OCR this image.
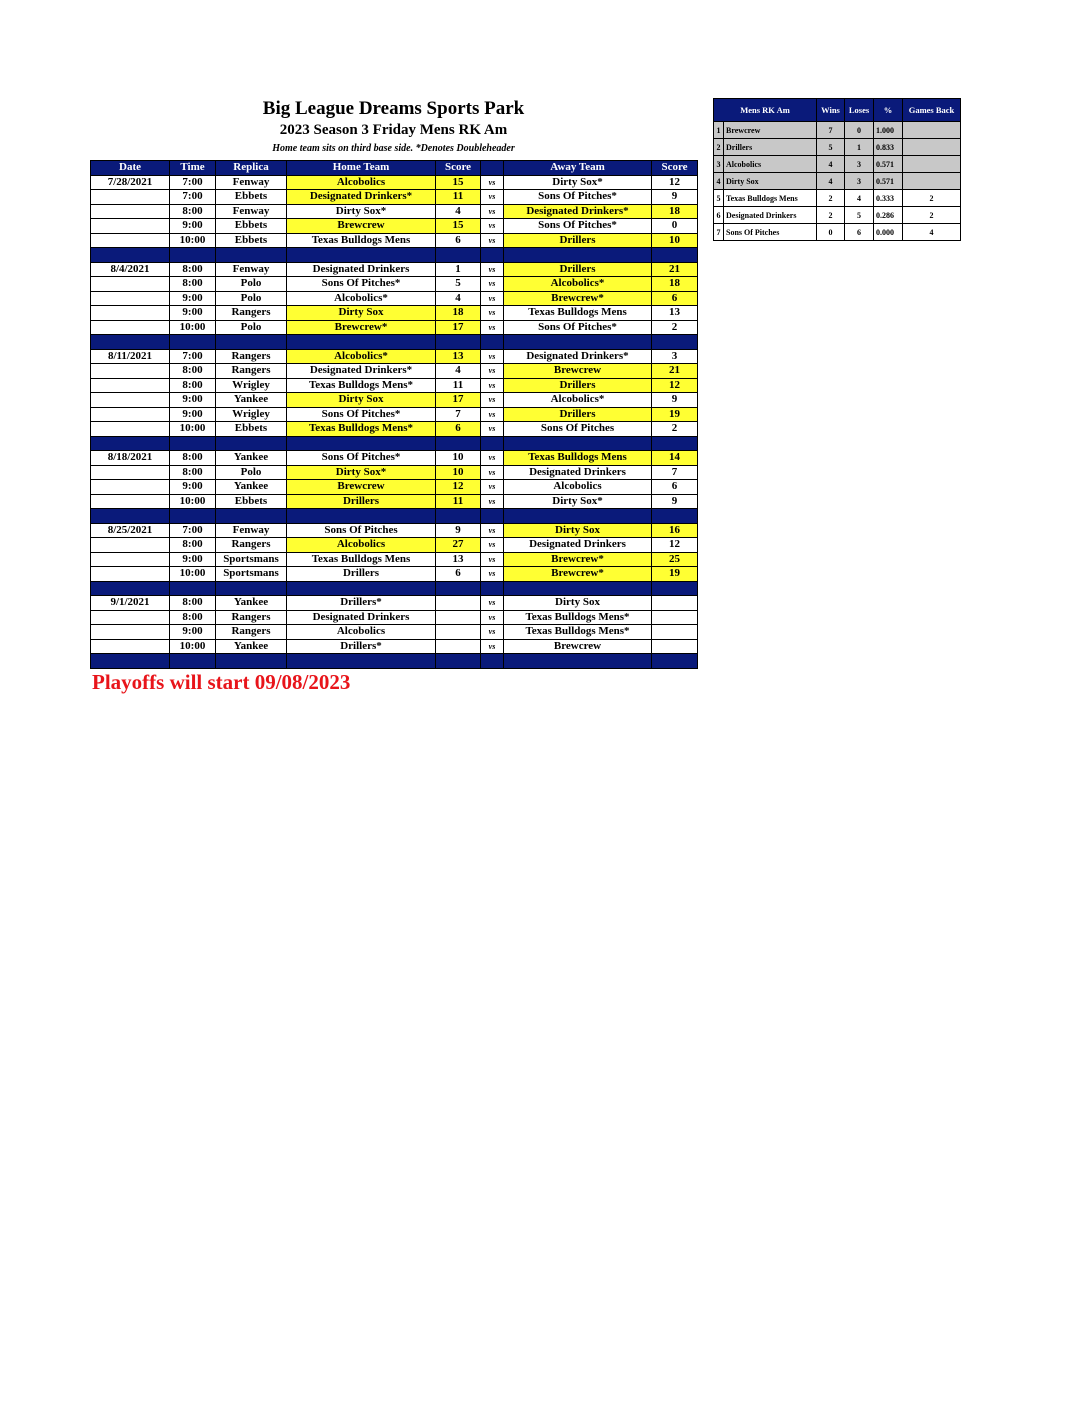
Big League Dreams Sports Park
2023 Season 3 Friday Mens RK Am
Home team sits on third base side. *Denotes Doubleheader
Date	Time	Replica	Home Team	Score		Away Team	Score
7/28/2021	7:00	Fenway	Alcobolics	15	vs	Dirty Sox*	12
	7:00	Ebbets	Designated Drinkers*	11	vs	Sons Of Pitches*	9
	8:00	Fenway	Dirty Sox*	4	vs	Designated Drinkers*	18
	9:00	Ebbets	Brewcrew	15	vs	Sons Of Pitches*	0
	10:00	Ebbets	Texas Bulldogs Mens	6	vs	Drillers	10

8/4/2021	8:00	Fenway	Designated Drinkers	1	vs	Drillers	21
	8:00	Polo	Sons Of Pitches*	5	vs	Alcobolics*	18
	9:00	Polo	Alcobolics*	4	vs	Brewcrew*	6
	9:00	Rangers	Dirty Sox	18	vs	Texas Bulldogs Mens	13
	10:00	Polo	Brewcrew*	17	vs	Sons Of Pitches*	2

8/11/2021	7:00	Rangers	Alcobolics*	13	vs	Designated Drinkers*	3
	8:00	Rangers	Designated Drinkers*	4	vs	Brewcrew	21
	8:00	Wrigley	Texas Bulldogs Mens*	11	vs	Drillers	12
	9:00	Yankee	Dirty Sox	17	vs	Alcobolics*	9
	9:00	Wrigley	Sons Of Pitches*	7	vs	Drillers	19
	10:00	Ebbets	Texas Bulldogs Mens*	6	vs	Sons Of Pitches	2

8/18/2021	8:00	Yankee	Sons Of Pitches*	10	vs	Texas Bulldogs Mens	14
	8:00	Polo	Dirty Sox*	10	vs	Designated Drinkers	7
	9:00	Yankee	Brewcrew	12	vs	Alcobolics	6
	10:00	Ebbets	Drillers	11	vs	Dirty Sox*	9

8/25/2021	7:00	Fenway	Sons Of Pitches	9	vs	Dirty Sox	16
	8:00	Rangers	Alcobolics	27	vs	Designated Drinkers	12
	9:00	Sportsmans	Texas Bulldogs Mens	13	vs	Brewcrew*	25
	10:00	Sportsmans	Drillers	6	vs	Brewcrew*	19

9/1/2021	8:00	Yankee	Drillers*		vs	Dirty Sox	
	8:00	Rangers	Designated Drinkers		vs	Texas Bulldogs Mens*	
	9:00	Rangers	Alcobolics		vs	Texas Bulldogs Mens*	
	10:00	Yankee	Drillers*		vs	Brewcrew	

Mens RK Am		Wins	Loses	%	Games Back
1	Brewcrew	7	0	1.000	
2	Drillers	5	1	0.833	
3	Alcobolics	4	3	0.571	
4	Dirty Sox	4	3	0.571	
5	Texas Bulldogs Mens	2	4	0.333	2
6	Designated Drinkers	2	5	0.286	2
7	Sons Of Pitches	0	6	0.000	4
Playoffs will start 09/08/2023
